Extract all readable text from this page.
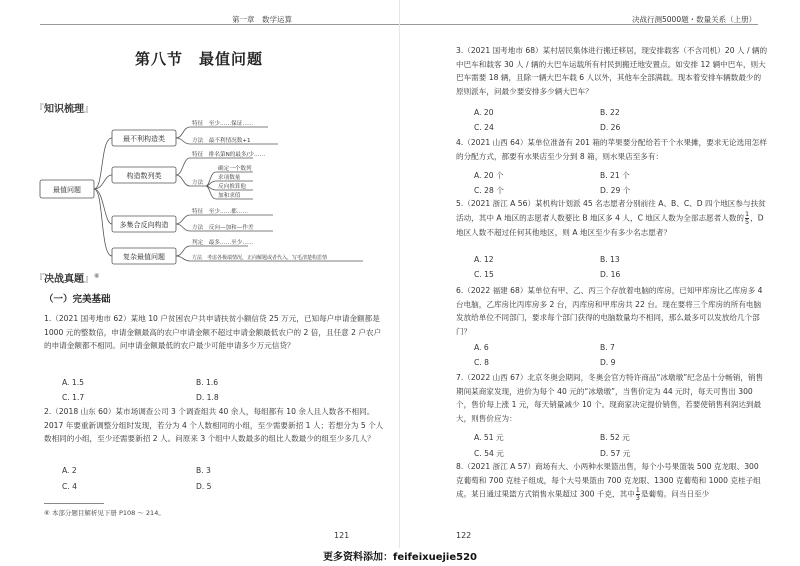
第一章　数学运算
第八节　最值问题
『知识梳理』
最值问题
最不利构造类
构造数列类
多集合反向构造
复杂最值问题
特征　至少……保证……
方法　最不利情况数+1
特征　排名第N的最多/少……
方法
确定一个数列
求项数量
反向推算他
加和求值
特征　至少……都……
方法　反向—加和—作差
判定　最多……至少……
方法　考虑各极端情况，正向解题或者代入，写毛清楚构思情
『决战真题』⑥
（一）完美基础
1.（2021 国考地市 62）某地 10 户贫困农户共申请扶贫小额信贷 25 万元，已知每户申请金额都是 1000 元的整数倍，申请金额最高的农户申请金额不超过申请金额最低农户的 2 倍，且任意 2 户农户的申请金额都不相同。问申请金额最低的农户最少可能申请多少万元信贷？
A. 1.5	B. 1.6
C. 1.7	D. 1.8
2.（2018 山东 60）某市场调查公司 3 个调查组共 40 余人，每组都有 10 余人且人数各不相同。2017 年要重新调整分组时发现，若分为 4 个人数相同的小组，至少需要新招 1 人；若想分为 5 个人数相同的小组，至少还需要新招 2 人。问原来 3 个组中人数最多的组比人数最少的组至少多几人？
A. 2	B. 3
C. 4	D. 5
⑥ 本部分题目解析见下册 P108 ～ 214。
121
决战行测5000题・数量关系（上册）
3.（2021 国考地市 68）某村居民集体进行搬迁移居，现安排载客（不含司机）20 人 / 辆的中巴车和载客 30 人 / 辆的大巴车运载所有村民到搬迁地安置点。如安排 12 辆中巴车，则大巴车需要 18 辆，且除一辆大巴车载 6 人以外，其他车全部满载。现本着安排车辆数最少的原则派车，问最少要安排多少辆大巴车？
A. 20	B. 22
C. 24	D. 26
4.（2021 山西 64）某单位准备有 201 箱的苹果要分配给若干个水果摊，要求无论选用怎样的分配方式，都要有水果店至少分到 8 箱，则水果店至多有：
A. 20 个	B. 21 个
C. 28 个	D. 29 个
5.（2021 浙江 A 56）某机构计划派 45 名志愿者分别前往 A、B、C、D 四个地区参与扶贫活动，其中 A 地区的志愿者人数要比 B 地区多 4 人，C 地区人数为全部志愿者人数的 $\frac{1}{5}$ ，D 地区人数不超过任何其他地区，则 A 地区至少有多少名志愿者？
A. 12	B. 13
C. 15	D. 16
6.（2022 福建 68）某单位有甲、乙、丙三个存放着电脑的库房，已知甲库房比乙库房多 4 台电脑，乙库房比丙库房多 2 台，丙库房和甲库房共 22 台。现在要将三个库房的所有电脑发放给单位不同部门，要求每个部门获得的电脑数量均不相同，那么最多可以发放给几个部门？
A. 6	B. 7
C. 8	D. 9
7.（2022 山西 67）北京冬奥会期间，冬奥会官方特许商品“冰墩墩”纪念品十分畅销，销售期间某商家发现，进价为每个 40 元的“冰墩墩”，当售价定为 44 元时，每天可售出 300 个，售价每上涨 1 元，每天销量减少 10 个。现商家决定提价销售，若要使销售利润达到最大，则售价应为：
A. 51 元	B. 52 元
C. 54 元	D. 57 元
8.（2021 浙江 A 57）商场有大、小两种水果篮出售，每个小号果篮装 500 克龙眼、300 克葡萄和 700 克桂子组成，每个大号果篮由 700 克龙眼、1300 克葡萄和 1000 克桂子组成。某日通过果篮方式销售水果超过 300 千克，其中 $\frac{1}{3}$ 是葡萄。问当日至少
122
更多资料添加：feifeixuejie520
